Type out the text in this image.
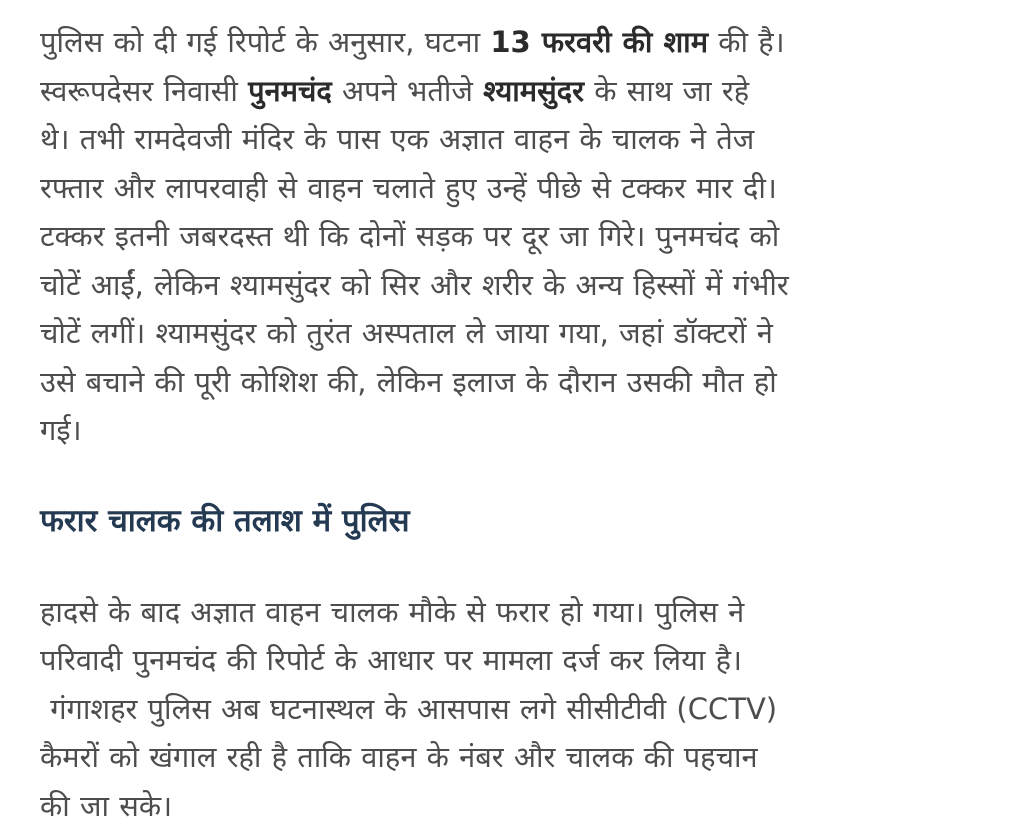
पुलिस को दी गई रिपोर्ट के अनुसार, घटना 13 फरवरी की शाम की है।
स्वरूपदेसर निवासी पुनमचंद अपने भतीजे श्यामसुंदर के साथ जा रहे
थे। तभी रामदेवजी मंदिर के पास एक अज्ञात वाहन के चालक ने तेज
रफ्तार और लापरवाही से वाहन चलाते हुए उन्हें पीछे से टक्कर मार दी।
टक्कर इतनी जबरदस्त थी कि दोनों सड़क पर दूर जा गिरे। पुनमचंद को
चोटें आईं, लेकिन श्यामसुंदर को सिर और शरीर के अन्य हिस्सों में गंभीर
चोटें लगीं। श्यामसुंदर को तुरंत अस्पताल ले जाया गया, जहां डॉक्टरों ने
उसे बचाने की पूरी कोशिश की, लेकिन इलाज के दौरान उसकी मौत हो
गई।

फरार चालक की तलाश में पुलिस

हादसे के बाद अज्ञात वाहन चालक मौके से फरार हो गया। पुलिस ने
परिवादी पुनमचंद की रिपोर्ट के आधार पर मामला दर्ज कर लिया है।
गंगाशहर पुलिस अब घटनास्थल के आसपास लगे सीसीटीवी (CCTV)
कैमरों को खंगाल रही है ताकि वाहन के नंबर और चालक की पहचान
की जा सके।
